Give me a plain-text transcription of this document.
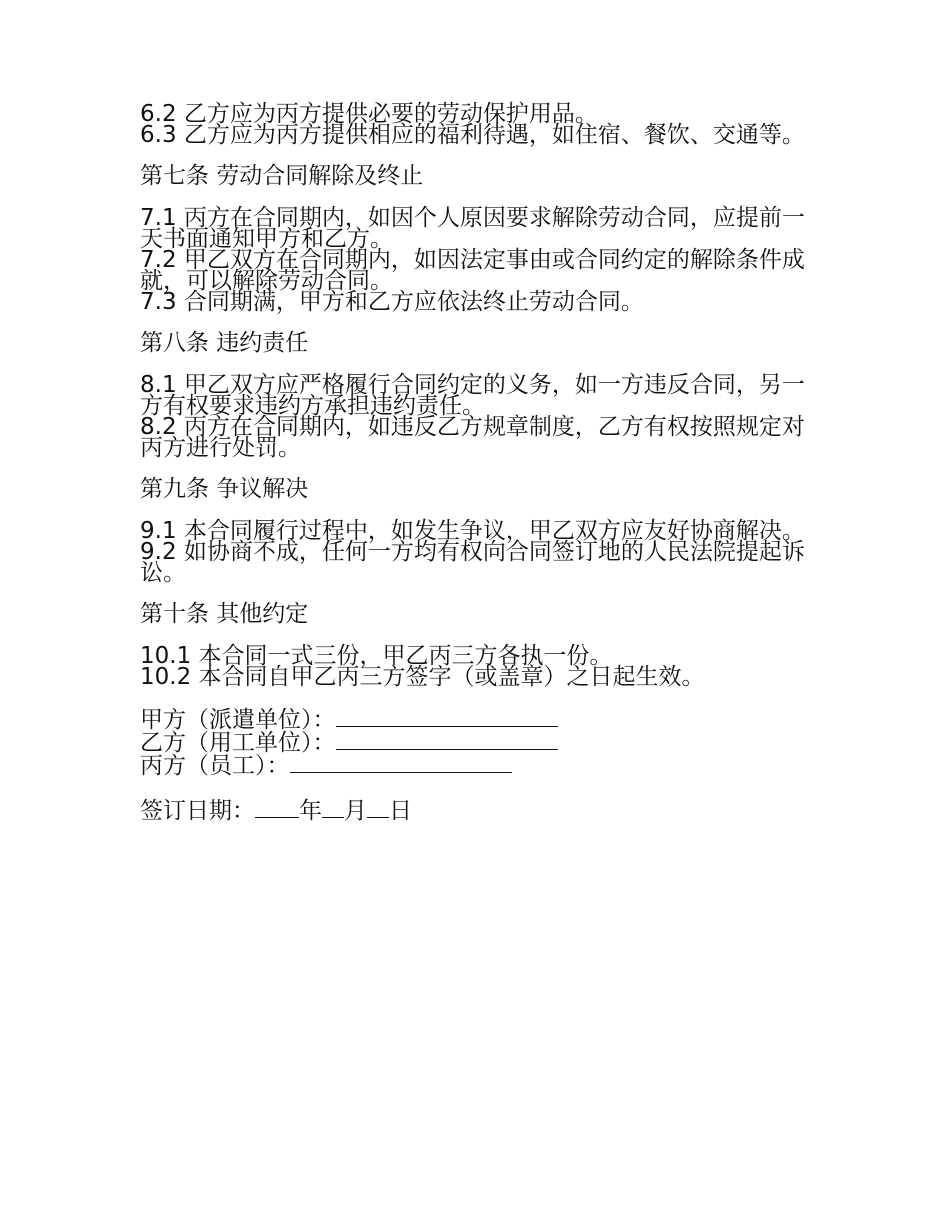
6.2 乙方应为丙方提供必要的劳动保护用品。

6.3 乙方应为丙方提供相应的福利待遇，如住宿、餐饮、交通等。

第七条 劳动合同解除及终止

7.1 丙方在合同期内，如因个人原因要求解除劳动合同，应提前一天书面通知甲方和乙方。

7.2 甲乙双方在合同期内，如因法定事由或合同约定的解除条件成就，可以解除劳动合同。

7.3 合同期满，甲方和乙方应依法终止劳动合同。

第八条 违约责任

8.1 甲乙双方应严格履行合同约定的义务，如一方违反合同，另一方有权要求违约方承担违约责任。

8.2 丙方在合同期内，如违反乙方规章制度，乙方有权按照规定对丙方进行处罚。

第九条 争议解决

9.1 本合同履行过程中，如发生争议，甲乙双方应友好协商解决。

9.2 如协商不成，任何一方均有权向合同签订地的人民法院提起诉讼。

第十条 其他约定

10.1 本合同一式三份，甲乙丙三方各执一份。

10.2 本合同自甲乙丙三方签字（或盖章）之日起生效。

甲方（派遣单位）：
乙方（用工单位）：
丙方（员工）：
签订日期： 年 月 日
